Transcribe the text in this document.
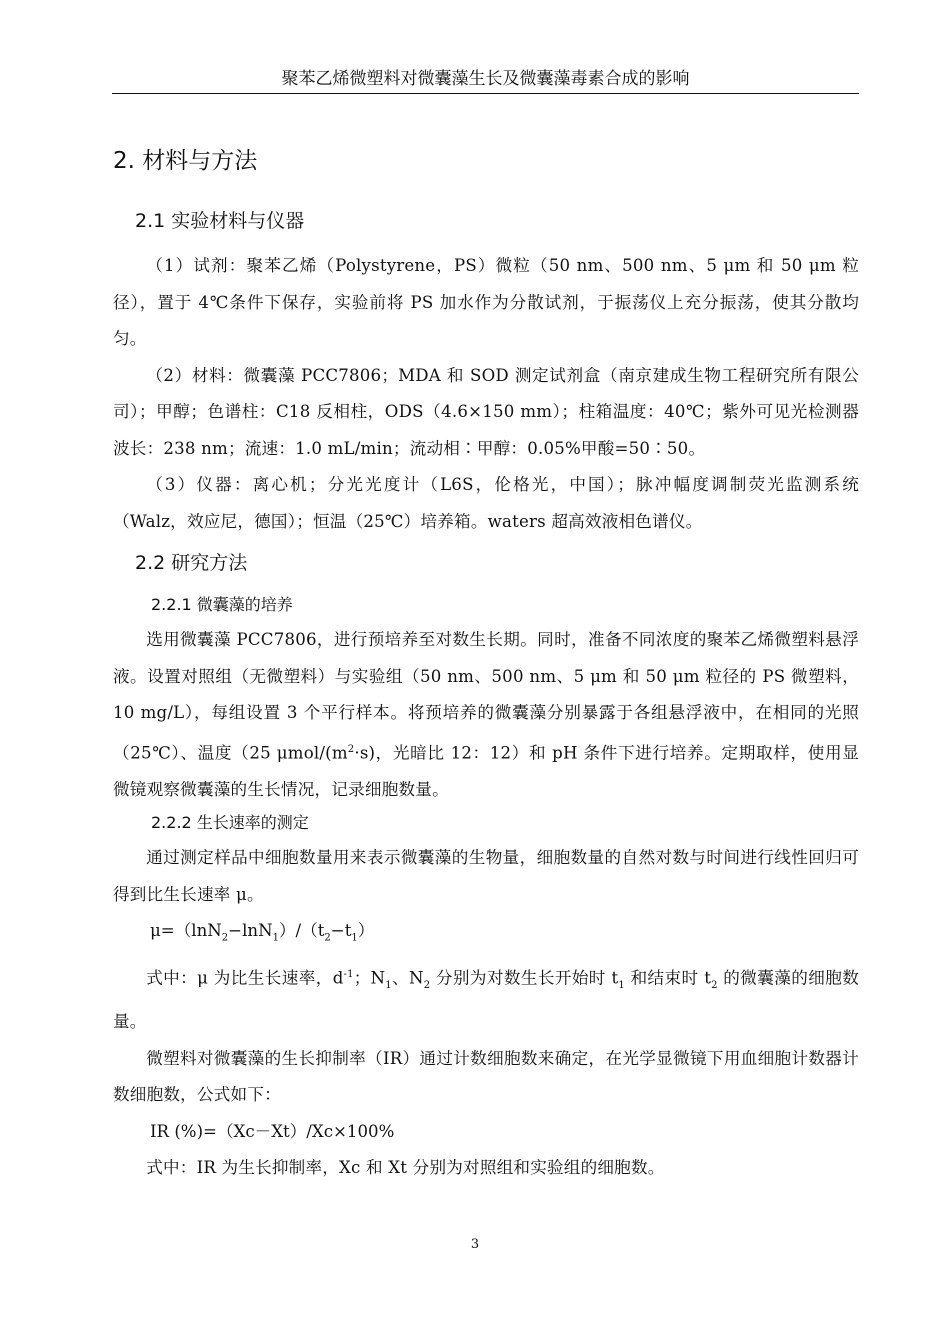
聚苯乙烯微塑料对微囊藻生长及微囊藻毒素合成的影响
2. 材料与方法
2.1 实验材料与仪器

（1）试剂：聚苯乙烯（Polystyrene，PS）微粒（50 nm、500 nm、5 μm 和 50 μm 粒径），置于 4℃条件下保存，实验前将 PS 加水作为分散试剂，于振荡仪上充分振荡，使其分散均匀。

（2）材料：微囊藻 PCC7806；MDA 和 SOD 测定试剂盒（南京建成生物工程研究所有限公司）；甲醇；色谱柱：C18 反相柱，ODS（4.6×150 mm）；柱箱温度：40℃；紫外可见光检测器波长：238 nm；流速：1.0 mL/min；流动相∶甲醇：0.05%甲酸=50∶50。

（3）仪器：离心机；分光光度计（L6S，伦格光，中国）；脉冲幅度调制荧光监测系统（Walz，效应尼，德国）；恒温（25℃）培养箱。waters 超高效液相色谱仪。

2.2 研究方法
2.2.1 微囊藻的培养

选用微囊藻 PCC7806，进行预培养至对数生长期。同时，准备不同浓度的聚苯乙烯微塑料悬浮液。设置对照组（无微塑料）与实验组（50 nm、500 nm、5 μm 和 50 μm 粒径的 PS 微塑料，10 mg/L），每组设置 3 个平行样本。将预培养的微囊藻分别暴露于各组悬浮液中，在相同的光照（25℃）、温度（25 μmol/$(m^2\cdot s)$，光暗比 12：12）和 pH 条件下进行培养。定期取样，使用显微镜观察微囊藻的生长情况，记录细胞数量。

2.2.2 生长速率的测定

通过测定样品中细胞数量用来表示微囊藻的生物量，细胞数量的自然对数与时间进行线性回归可得到比生长速率 μ。

$\mu=(\ln N_2-\ln N_1)/(t_2-t_1)$

式中：μ 为比生长速率，$d^{-1}$；$N_1$、$N_2$ 分别为对数生长开始时 $t_1$ 和结束时 $t_2$ 的微囊藻的细胞数量。

微塑料对微囊藻的生长抑制率（IR）通过计数细胞数来确定，在光学显微镜下用血细胞计数器计数细胞数，公式如下：

IR (%)=（Xc－Xt）/Xc×100%

式中：IR 为生长抑制率，Xc 和 Xt 分别为对照组和实验组的细胞数。

3
